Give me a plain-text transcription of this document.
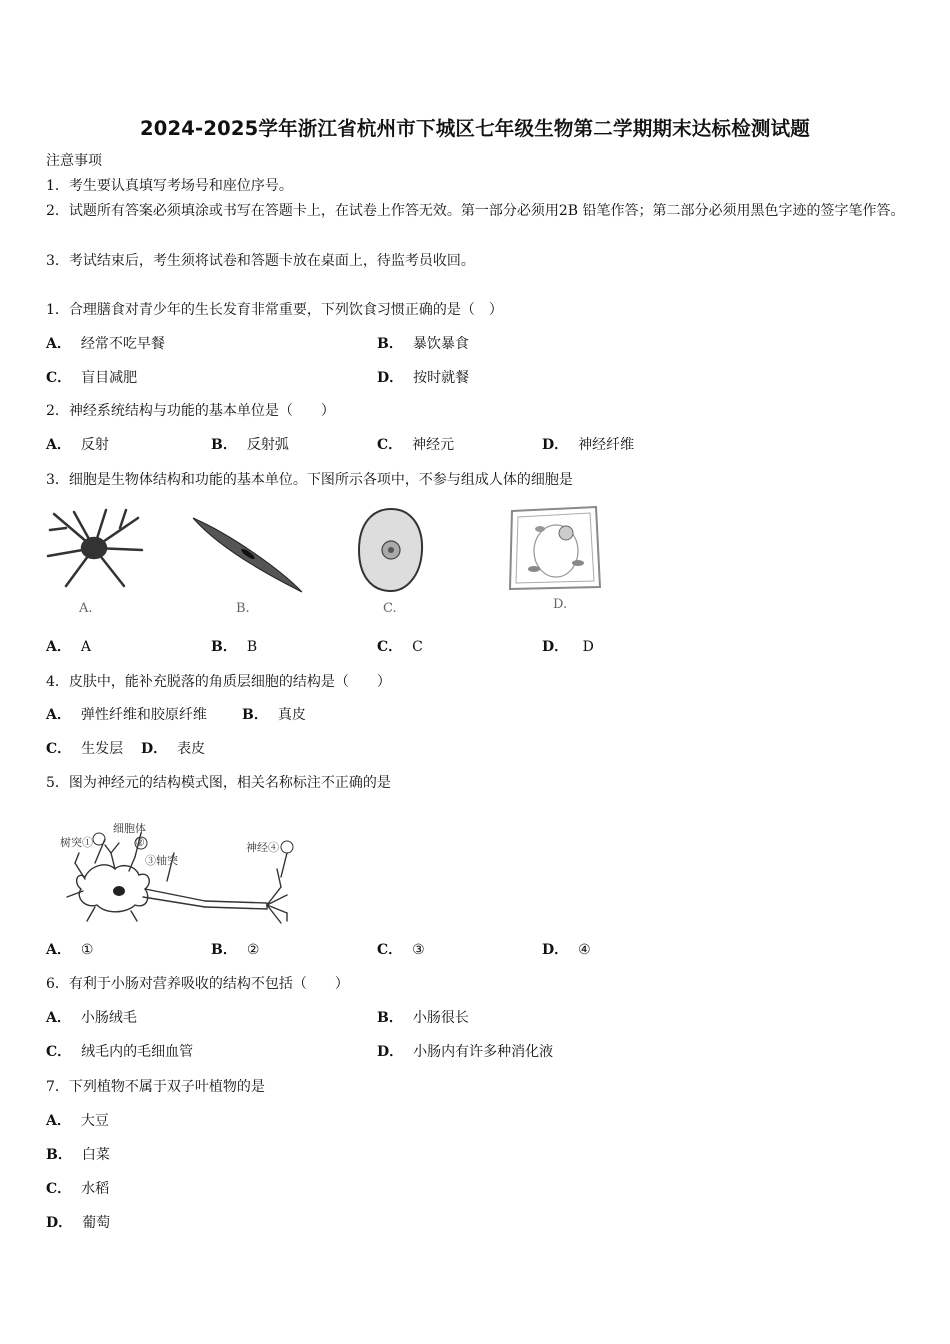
2024-2025学年浙江省杭州市下城区七年级生物第二学期期末达标检测试题
注意事项
1．考生要认真填写考场号和座位序号。
2．试题所有答案必须填涂或书写在答题卡上，在试卷上作答无效。第一部分必须用2B 铅笔作答；第二部分必须用黑色字迹的签字笔作答。
3．考试结束后，考生须将试卷和答题卡放在桌面上，待监考员收回。
1．合理膳食对青少年的生长发育非常重要，下列饮食习惯正确的是（　）
A． 经常不吃早餐	B． 暴饮暴食
C． 盲目减肥	D． 按时就餐
2．神经系统结构与功能的基本单位是（　　）
A． 反射	B． 反射弧	C． 神经元	D． 神经纤维
3．细胞是生物体结构和功能的基本单位。下图所示各项中，不参与组成人体的细胞是
A.	B.	C.	D.
A． A	B． B	C． C	D． D
4．皮肤中，能补充脱落的角质层细胞的结构是（　　）
A． 弹性纤维和胶原纤维	B． 真皮
C． 生发层 D． 表皮
5．图为神经元的结构模式图，相关名称标注不正确的是
树突①
细胞体
②
③轴突
神经④
A． ①	B． ②	C． ③	D． ④
6．有利于小肠对营养吸收的结构不包括（　　）
A． 小肠绒毛	B． 小肠很长
C． 绒毛内的毛细血管	D． 小肠内有许多种消化液
7．下列植物不属于双子叶植物的是
A． 大豆
B． 白菜
C． 水稻
D． 葡萄
